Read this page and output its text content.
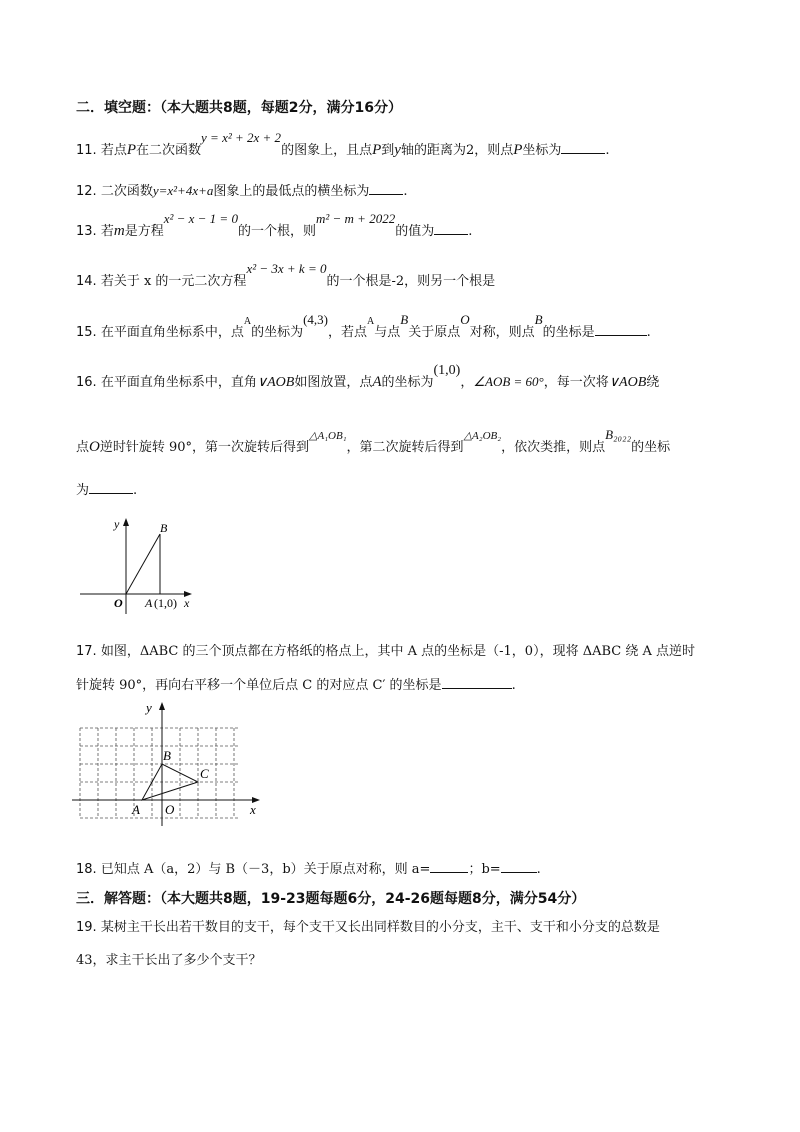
二．填空题：（本大题共8题，每题2分，满分16分）
11. 若点P在二次函数y = x² + 2x + 2的图象上，且点P到y轴的距离为2，则点P坐标为	.
12. 二次函数y=x²+4x+a图象上的最低点的横坐标为	.
13. 若m是方程x² − x − 1 = 0的一个根，则m² − m + 2022的值为	.
14. 若关于 x 的一元二次方程x² − 3x + k = 0的一个根是-2，则另一个根是
15. 在平面直角坐标系中，点$^A$的坐标为(4,3)，若点$^A$与点B关于原点O对称，则点B的坐标是	.
16. 在平面直角坐标系中，直角∨AOB如图放置，点A的坐标为(1,0)，∠AOB = 60°，每一次将∨AOB绕
点O逆时针旋转 90°，第一次旋转后得到$^{\triangle A_1OB_1}$，第二次旋转后得到$^{\triangle A_2OB_2}$，依次类推，则点B₂₀₂₂的坐标
为	.
y	B
O A (1,0) x
17. 如图，ΔABC 的三个顶点都在方格纸的格点上，其中 A 点的坐标是（-1，0），现将 ΔABC 绕 A 点逆时
针旋转 90°，再向右平移一个单位后点 C 的对应点 C′ 的坐标是	.
y
B
C
A O	x
18. 已知点 A（a，2）与 B（－3，b）关于原点对称，则 a=	；b=	.
三．解答题：（本大题共8题，19-23题每题6分，24-26题每题8分，满分54分）
19. 某树主干长出若干数目的支干，每个支干又长出同样数目的小分支，主干、支干和小分支的总数是
43，求主干长出了多少个支干？
